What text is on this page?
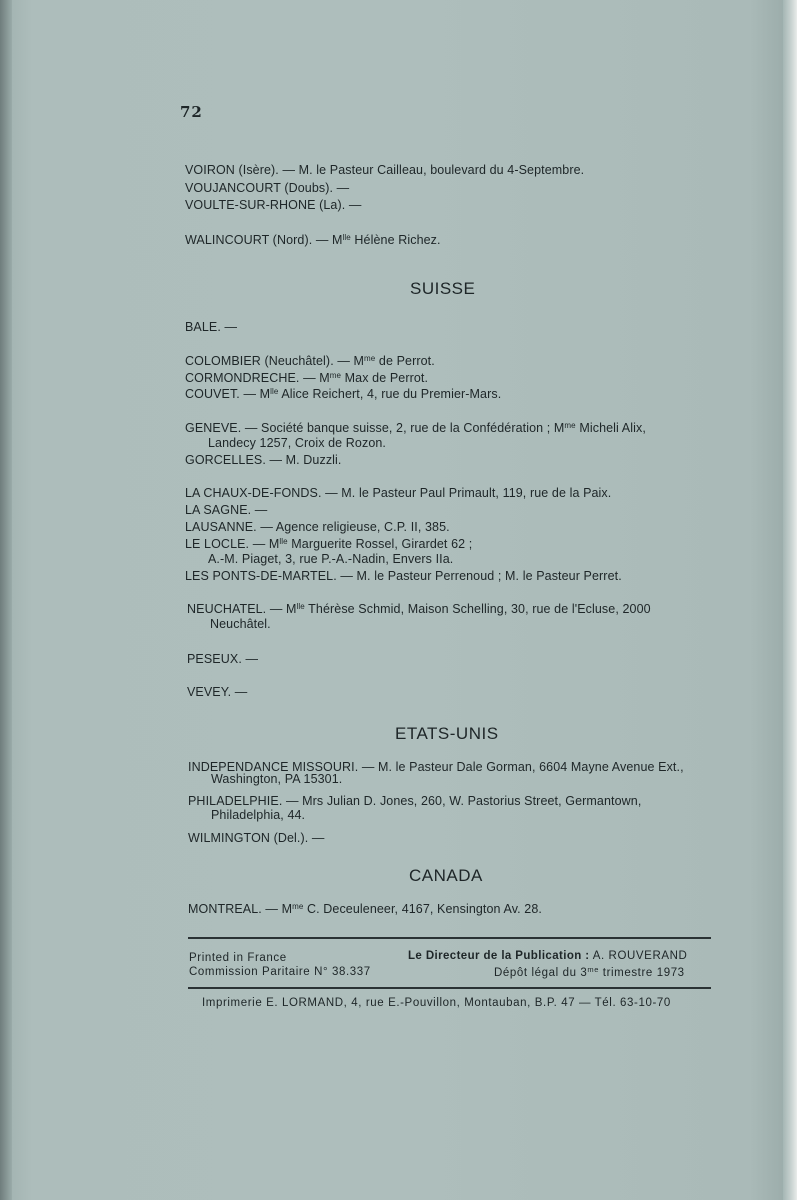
72
VOIRON (Isère). — M. le Pasteur Cailleau, boulevard du 4-Septembre.
VOUJANCOURT (Doubs). —
VOULTE-SUR-RHONE (La). —
WALINCOURT (Nord). — $M^{lle}$ Hélène Richez.
SUISSE
BALE. —
COLOMBIER (Neuchâtel). — $M^{me}$ de Perrot.
CORMONDRECHE. — $M^{me}$ Max de Perrot.
COUVET. — $M^{lle}$ Alice Reichert, 4, rue du Premier-Mars.
GENEVE. — Société banque suisse, 2, rue de la Confédération ; $M^{me}$ Micheli Alix,
Landecy 1257, Croix de Rozon.
GORCELLES. — M. Duzzli.
LA CHAUX-DE-FONDS. — M. le Pasteur Paul Primault, 119, rue de la Paix.
LA SAGNE. —
LAUSANNE. — Agence religieuse, C.P. II, 385.
LE LOCLE. — $M^{lle}$ Marguerite Rossel, Girardet 62 ;
A.-M. Piaget, 3, rue P.-A.-Nadin, Envers IIa.
LES PONTS-DE-MARTEL. — M. le Pasteur Perrenoud ; M. le Pasteur Perret.
NEUCHATEL. — $M^{lle}$ Thérèse Schmid, Maison Schelling, 30, rue de l'Ecluse, 2000
Neuchâtel.
PESEUX. —
VEVEY. —
ETATS-UNIS
INDEPENDANCE MISSOURI. — M. le Pasteur Dale Gorman, 6604 Mayne Avenue Ext.,
Washington, PA 15301.
PHILADELPHIE. — Mrs Julian D. Jones, 260, W. Pastorius Street, Germantown,
Philadelphia, 44.
WILMINGTON (Del.). —
CANADA
MONTREAL. — $M^{me}$ C. Deceuleneer, 4167, Kensington Av. 28.
Printed in France
Commission Paritaire N° 38.337
Le Directeur de la Publication : A. ROUVERAND
Dépôt légal du $3^{me}$ trimestre 1973
Imprimerie E. LORMAND, 4, rue E.-Pouvillon, Montauban, B.P. 47 — Tél. 63-10-70
